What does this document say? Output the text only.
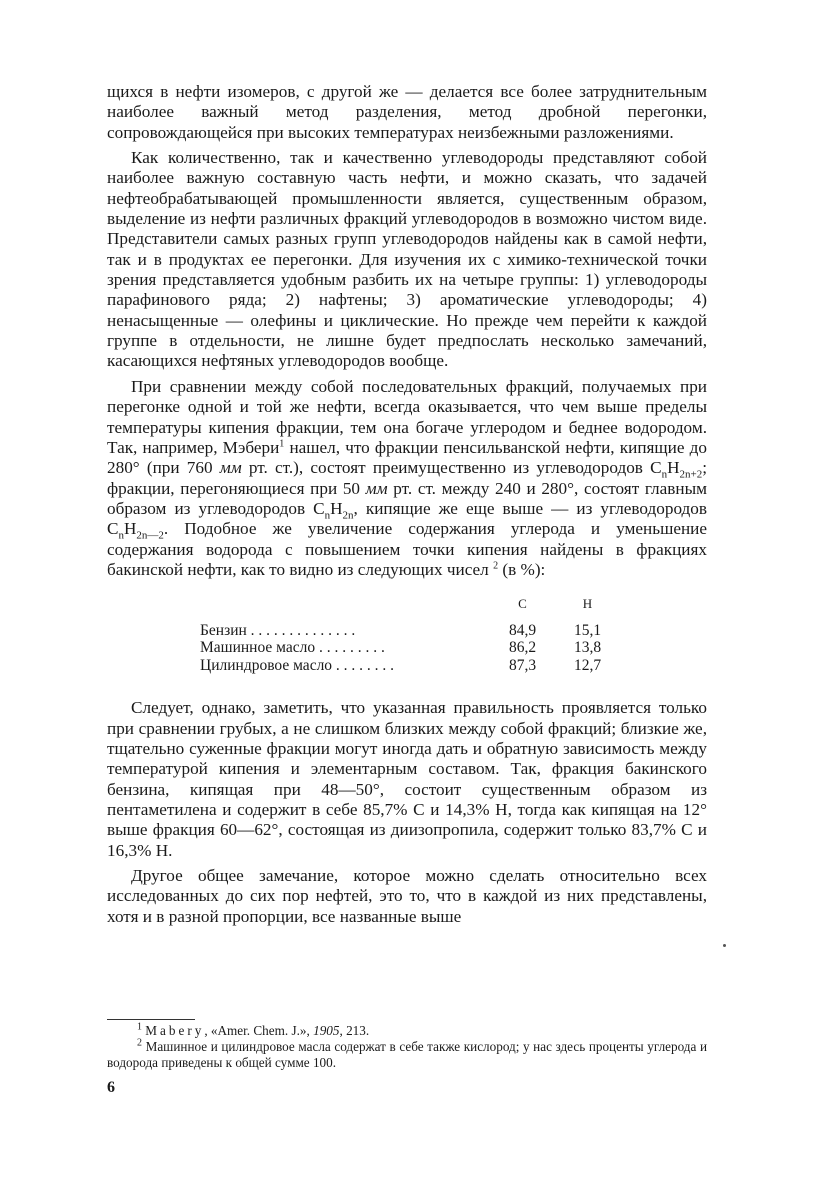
щихся в нефти изомеров, с другой же — делается все более затруднительным наиболее важный метод разделения, метод дробной перегонки, сопровождающейся при высоких температурах неизбежными разложениями.

Как количественно, так и качественно углеводороды представляют собой наиболее важную составную часть нефти, и можно сказать, что задачей нефтеобрабатывающей промышленности является, существенным образом, выделение из нефти различных фракций углеводородов в возможно чистом виде. Представители самых разных групп углеводородов найдены как в самой нефти, так и в продуктах ее перегонки. Для изучения их с химико-технической точки зрения представляется удобным разбить их на четыре группы: 1) углеводороды парафинового ряда; 2) нафтены; 3) ароматические углеводороды; 4) ненасыщенные — олефины и циклические. Но прежде чем перейти к каждой группе в отдельности, не лишне будет предпослать несколько замечаний, касающихся нефтяных углеводородов вообще.

При сравнении между собой последовательных фракций, получаемых при перегонке одной и той же нефти, всегда оказывается, что чем выше пределы температуры кипения фракции, тем она богаче углеродом и беднее водородом. Так, например, Мэбери$^1$ нашел, что фракции пенсильванской нефти, кипящие до 280° (при 760 мм рт. ст.), состоят преимущественно из углеводородов $C_nH_{2n+2}$; фракции, перегоняющиеся при 50 мм рт. ст. между 240 и 280°, состоят главным образом из углеводородов $C_nH_{2n}$, кипящие же еще выше — из углеводородов $C_nH_{2n—2}$. Подобное же увеличение содержания углерода и уменьшение содержания водорода с повышением точки кипения найдены в фракциях бакинской нефти, как то видно из следующих чисел $^2$ (в %):

	C	H
Бензин . . . . . . . . . . . . . .	84,9	15,1
Машинное масло . . . . . . . . .	86,2	13,8
Цилиндровое масло . . . . . . . .	87,3	12,7

Следует, однако, заметить, что указанная правильность проявляется только при сравнении грубых, а не слишком близких между собой фракций; близкие же, тщательно суженные фракции могут иногда дать и обратную зависимость между температурой кипения и элементарным составом. Так, фракция бакинского бензина, кипящая при 48—50°, состоит существенным образом из пентаметилена и содержит в себе 85,7% C и 14,3% H, тогда как кипящая на 12° выше фракция 60—62°, состоящая из диизопропила, содержит только 83,7% C и 16,3% H.

Другое общее замечание, которое можно сделать относительно всех исследованных до сих пор нефтей, это то, что в каждой из них представлены, хотя и в разной пропорции, все названные выше

$^1$ Mabery, «Amer. Chem. J.», 1905, 213.

$^2$ Машинное и цилиндровое масла содержат в себе также кислород; у нас здесь проценты углерода и водорода приведены к общей сумме 100.

6
